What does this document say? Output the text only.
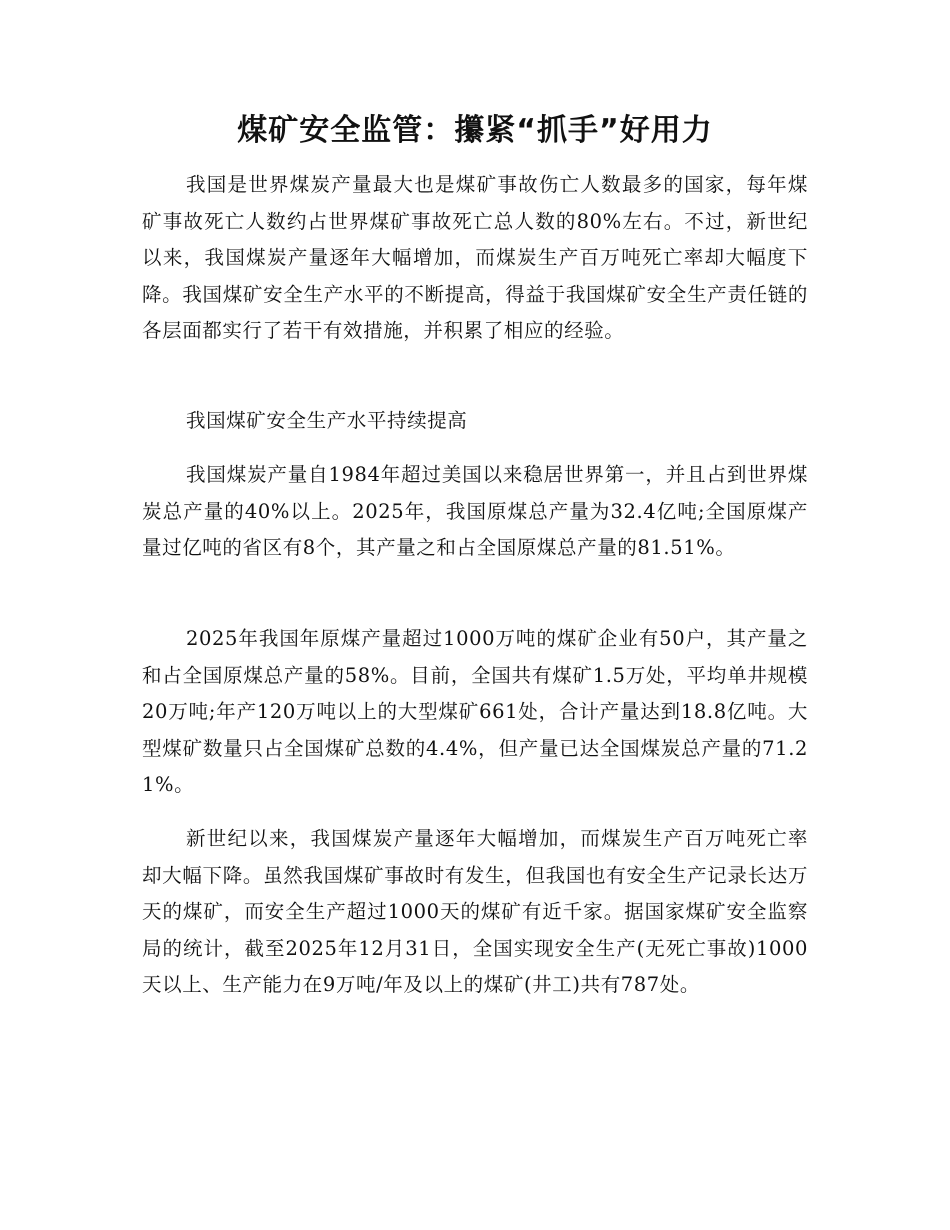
煤矿安全监管：攥紧“抓手”好用力

我国是世界煤炭产量最大也是煤矿事故伤亡人数最多的国家，每年煤矿事故死亡人数约占世界煤矿事故死亡总人数的80%左右。不过，新世纪以来，我国煤炭产量逐年大幅增加，而煤炭生产百万吨死亡率却大幅度下降。我国煤矿安全生产水平的不断提高，得益于我国煤矿安全生产责任链的各层面都实行了若干有效措施，并积累了相应的经验。

我国煤矿安全生产水平持续提高

我国煤炭产量自1984年超过美国以来稳居世界第一，并且占到世界煤炭总产量的40%以上。2025年，我国原煤总产量为32.4亿吨;全国原煤产量过亿吨的省区有8个，其产量之和占全国原煤总产量的81.51%。

2025年我国年原煤产量超过1000万吨的煤矿企业有50户，其产量之和占全国原煤总产量的58%。目前，全国共有煤矿1.5万处，平均单井规模20万吨;年产120万吨以上的大型煤矿661处，合计产量达到18.8亿吨。大型煤矿数量只占全国煤矿总数的4.4%，但产量已达全国煤炭总产量的71.21%。

新世纪以来，我国煤炭产量逐年大幅增加，而煤炭生产百万吨死亡率却大幅下降。虽然我国煤矿事故时有发生，但我国也有安全生产记录长达万天的煤矿，而安全生产超过1000天的煤矿有近千家。据国家煤矿安全监察局的统计，截至2025年12月31日，全国实现安全生产(无死亡事故)1000天以上、生产能力在9万吨/年及以上的煤矿(井工)共有787处。
